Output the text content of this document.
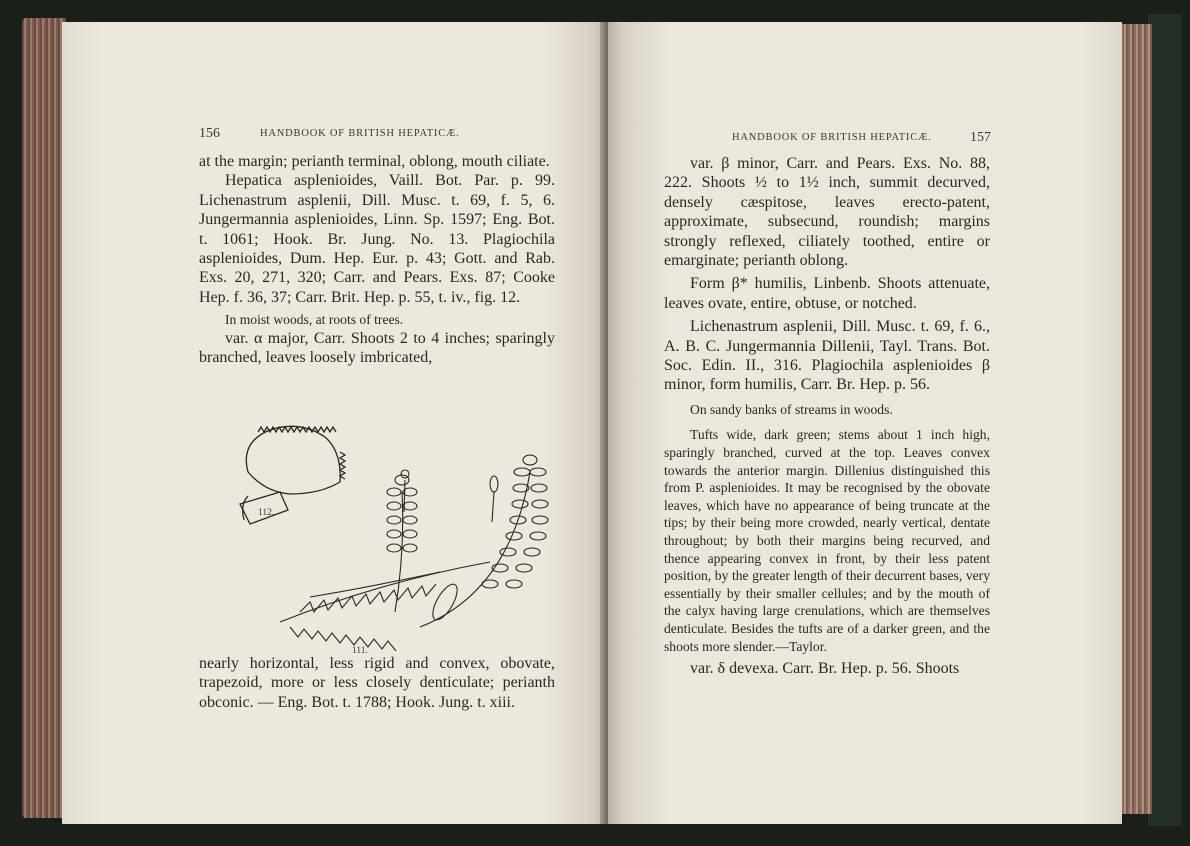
156	HANDBOOK OF BRITISH HEPATICÆ.

at the margin; perianth terminal, oblong, mouth ciliate.

Hepatica asplenioides, Vaill. Bot. Par. p. 99. Lichenastrum asplenii, Dill. Musc. t. 69, f. 5, 6. Jungermannia asplenioides, Linn. Sp. 1597; Eng. Bot. t. 1061; Hook. Br. Jung. No. 13. Plagiochila asplenioides, Dum. Hep. Eur. p. 43; Gott. and Rab. Exs. 20, 271, 320; Carr. and Pears. Exs. 87; Cooke Hep. f. 36, 37; Carr. Brit. Hep. p. 55, t. iv., fig. 12.

In moist woods, at roots of trees.

var. α major, Carr. Shoots 2 to 4 inches; sparingly branched, leaves loosely imbricated,

112.
111.

nearly horizontal, less rigid and convex, obovate, trapezoid, more or less closely denticulate; perianth obconic. — Eng. Bot. t. 1788; Hook. Jung. t. xiii.

HANDBOOK OF BRITISH HEPATICÆ.	157

var. β minor, Carr. and Pears. Exs. No. 88, 222. Shoots ½ to 1½ inch, summit decurved, densely cæspitose, leaves erecto-patent, approximate, subsecund, roundish; margins strongly reflexed, ciliately toothed, entire or emarginate; perianth oblong.

Form β* humilis, Linbenb. Shoots attenuate, leaves ovate, entire, obtuse, or notched.

Lichenastrum asplenii, Dill. Musc. t. 69, f. 6., A. B. C. Jungermannia Dillenii, Tayl. Trans. Bot. Soc. Edin. II., 316. Plagiochila asplenioides β minor, form humilis, Carr. Br. Hep. p. 56.

On sandy banks of streams in woods.

Tufts wide, dark green; stems about 1 inch high, sparingly branched, curved at the top. Leaves convex towards the anterior margin. Dillenius distinguished this from P. asplenioides. It may be recognised by the obovate leaves, which have no appearance of being truncate at the tips; by their being more crowded, nearly vertical, dentate throughout; by both their margins being recurved, and thence appearing convex in front, by their less patent position, by the greater length of their decurrent bases, very essentially by their smaller cellules; and by the mouth of the calyx having large crenulations, which are themselves denticulate. Besides the tufts are of a darker green, and the shoots more slender.—Taylor.

var. δ devexa. Carr. Br. Hep. p. 56. Shoots
